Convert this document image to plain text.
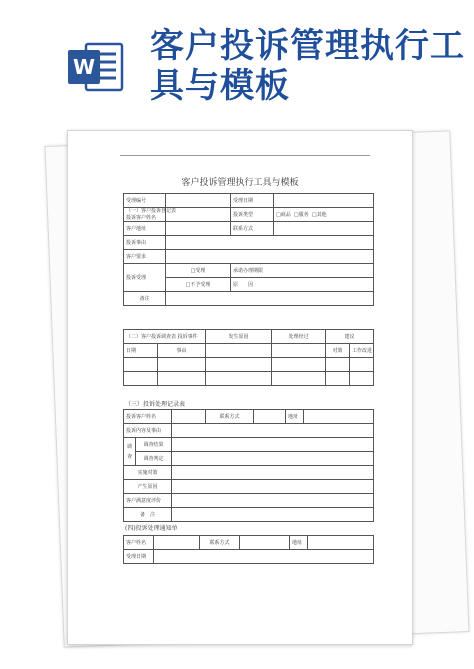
W
客户投诉管理执行工具与模板
客户投诉管理执行工具与模板
受理编号		受理日期	

（一）客户投诉登记表
投诉客户姓名		投诉类型	□商品 □服务 □其他
客户地址		联系方式	
投诉事由			
客户要求			
投诉受理	□受理	承诺办理期限	
	□不予受理	原　　因	
备注			
（二）客户投诉调查表 投诉事件		发生原因	处理经过	建议	
日期	事由			对策	工作改进

（三）投诉处理记录表
投诉客户姓名			联系方式		地址	
投诉内容及事由						
调
查	调查结果					
	调查判定					
实施对策						
产生原因						
客户满意度评价						
备　注						
(四)投诉处理通知单
客户姓名		联系方式		地址	
受理日期					
